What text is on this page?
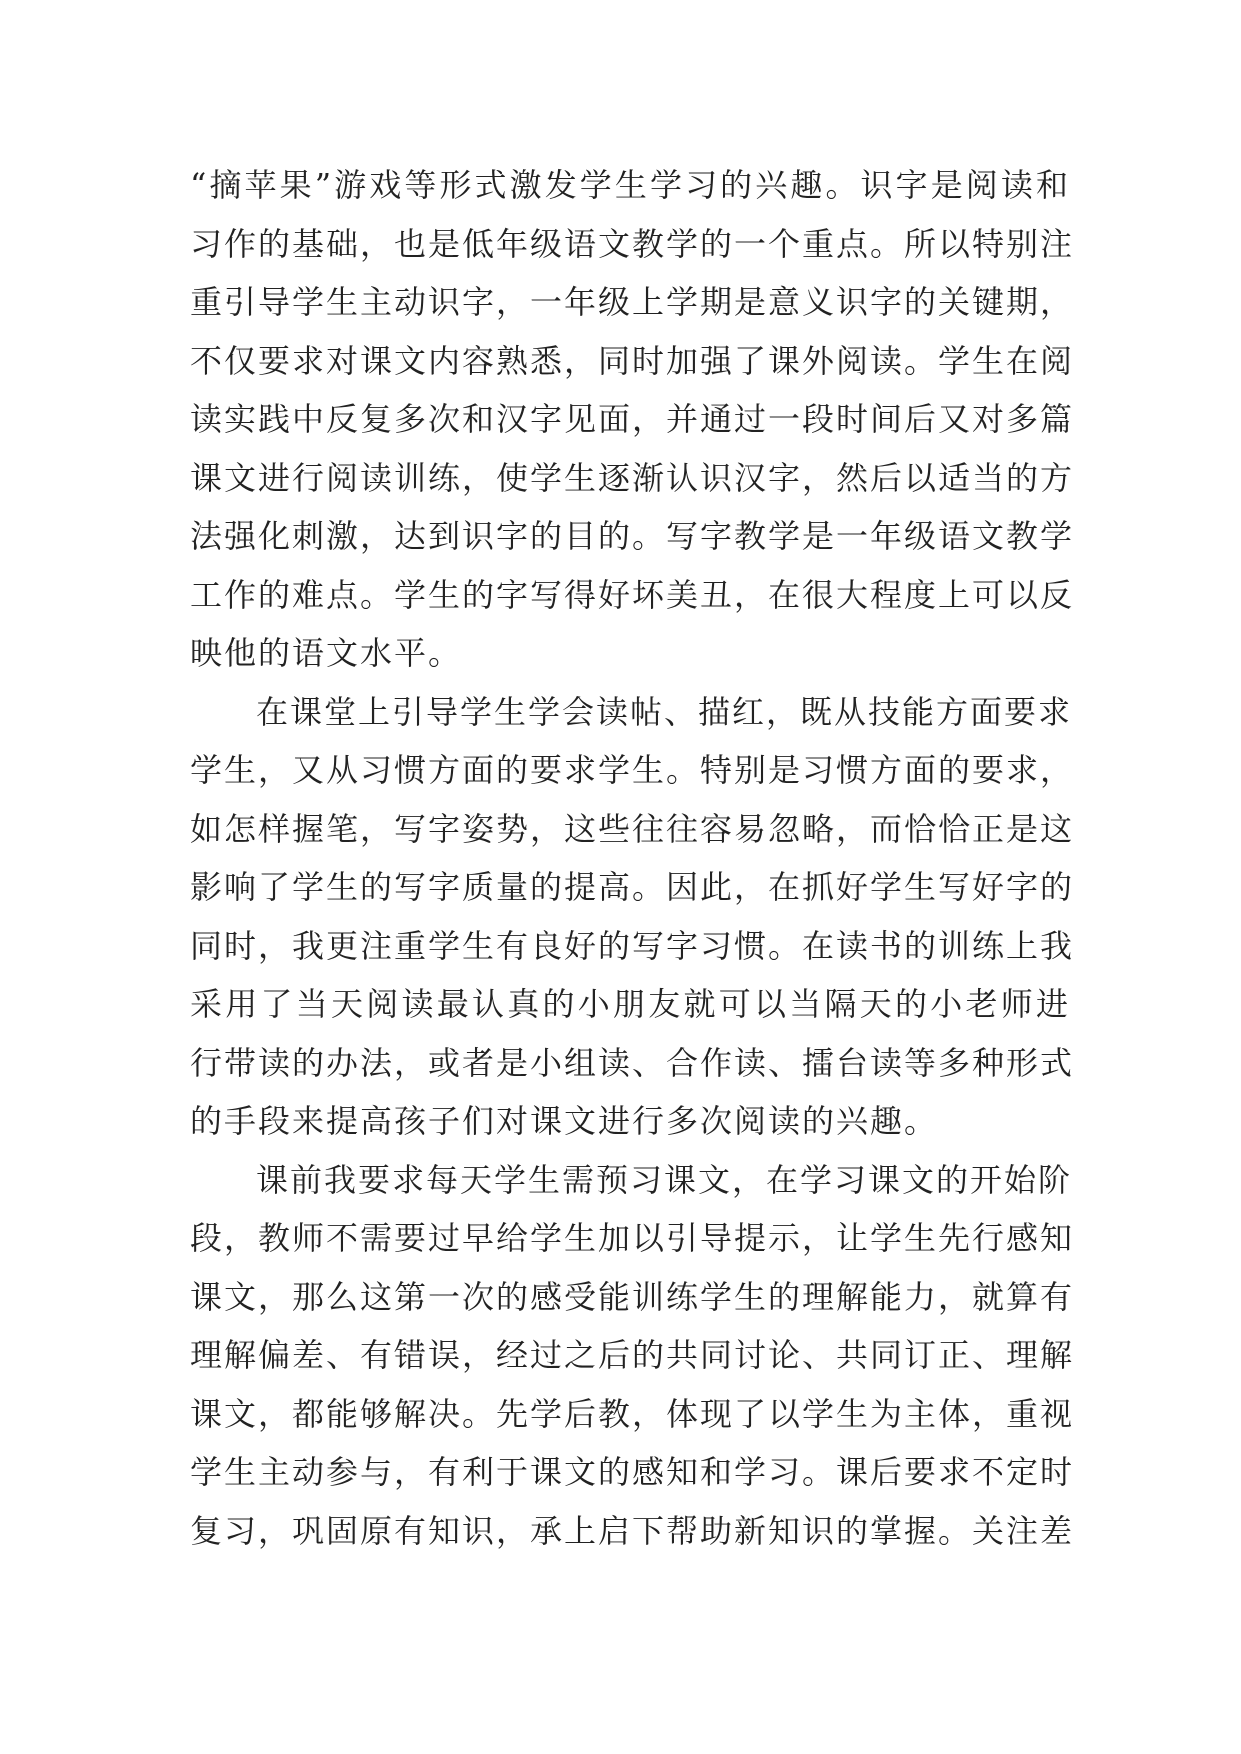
“摘苹果”游戏等形式激发学生学习的兴趣。识字是阅读和
习作的基础，也是低年级语文教学的一个重点。所以特别注
重引导学生主动识字，一年级上学期是意义识字的关键期，
不仅要求对课文内容熟悉，同时加强了课外阅读。学生在阅
读实践中反复多次和汉字见面，并通过一段时间后又对多篇
课文进行阅读训练，使学生逐渐认识汉字，然后以适当的方
法强化刺激，达到识字的目的。写字教学是一年级语文教学
工作的难点。学生的字写得好坏美丑，在很大程度上可以反
映他的语文水平。
在课堂上引导学生学会读帖、描红，既从技能方面要求
学生，又从习惯方面的要求学生。特别是习惯方面的要求，
如怎样握笔，写字姿势，这些往往容易忽略，而恰恰正是这
影响了学生的写字质量的提高。因此，在抓好学生写好字的
同时，我更注重学生有良好的写字习惯。在读书的训练上我
采用了当天阅读最认真的小朋友就可以当隔天的小老师进
行带读的办法，或者是小组读、合作读、擂台读等多种形式
的手段来提高孩子们对课文进行多次阅读的兴趣。
课前我要求每天学生需预习课文，在学习课文的开始阶
段，教师不需要过早给学生加以引导提示，让学生先行感知
课文，那么这第一次的感受能训练学生的理解能力，就算有
理解偏差、有错误，经过之后的共同讨论、共同订正、理解
课文，都能够解决。先学后教，体现了以学生为主体，重视
学生主动参与，有利于课文的感知和学习。课后要求不定时
复习，巩固原有知识，承上启下帮助新知识的掌握。关注差
